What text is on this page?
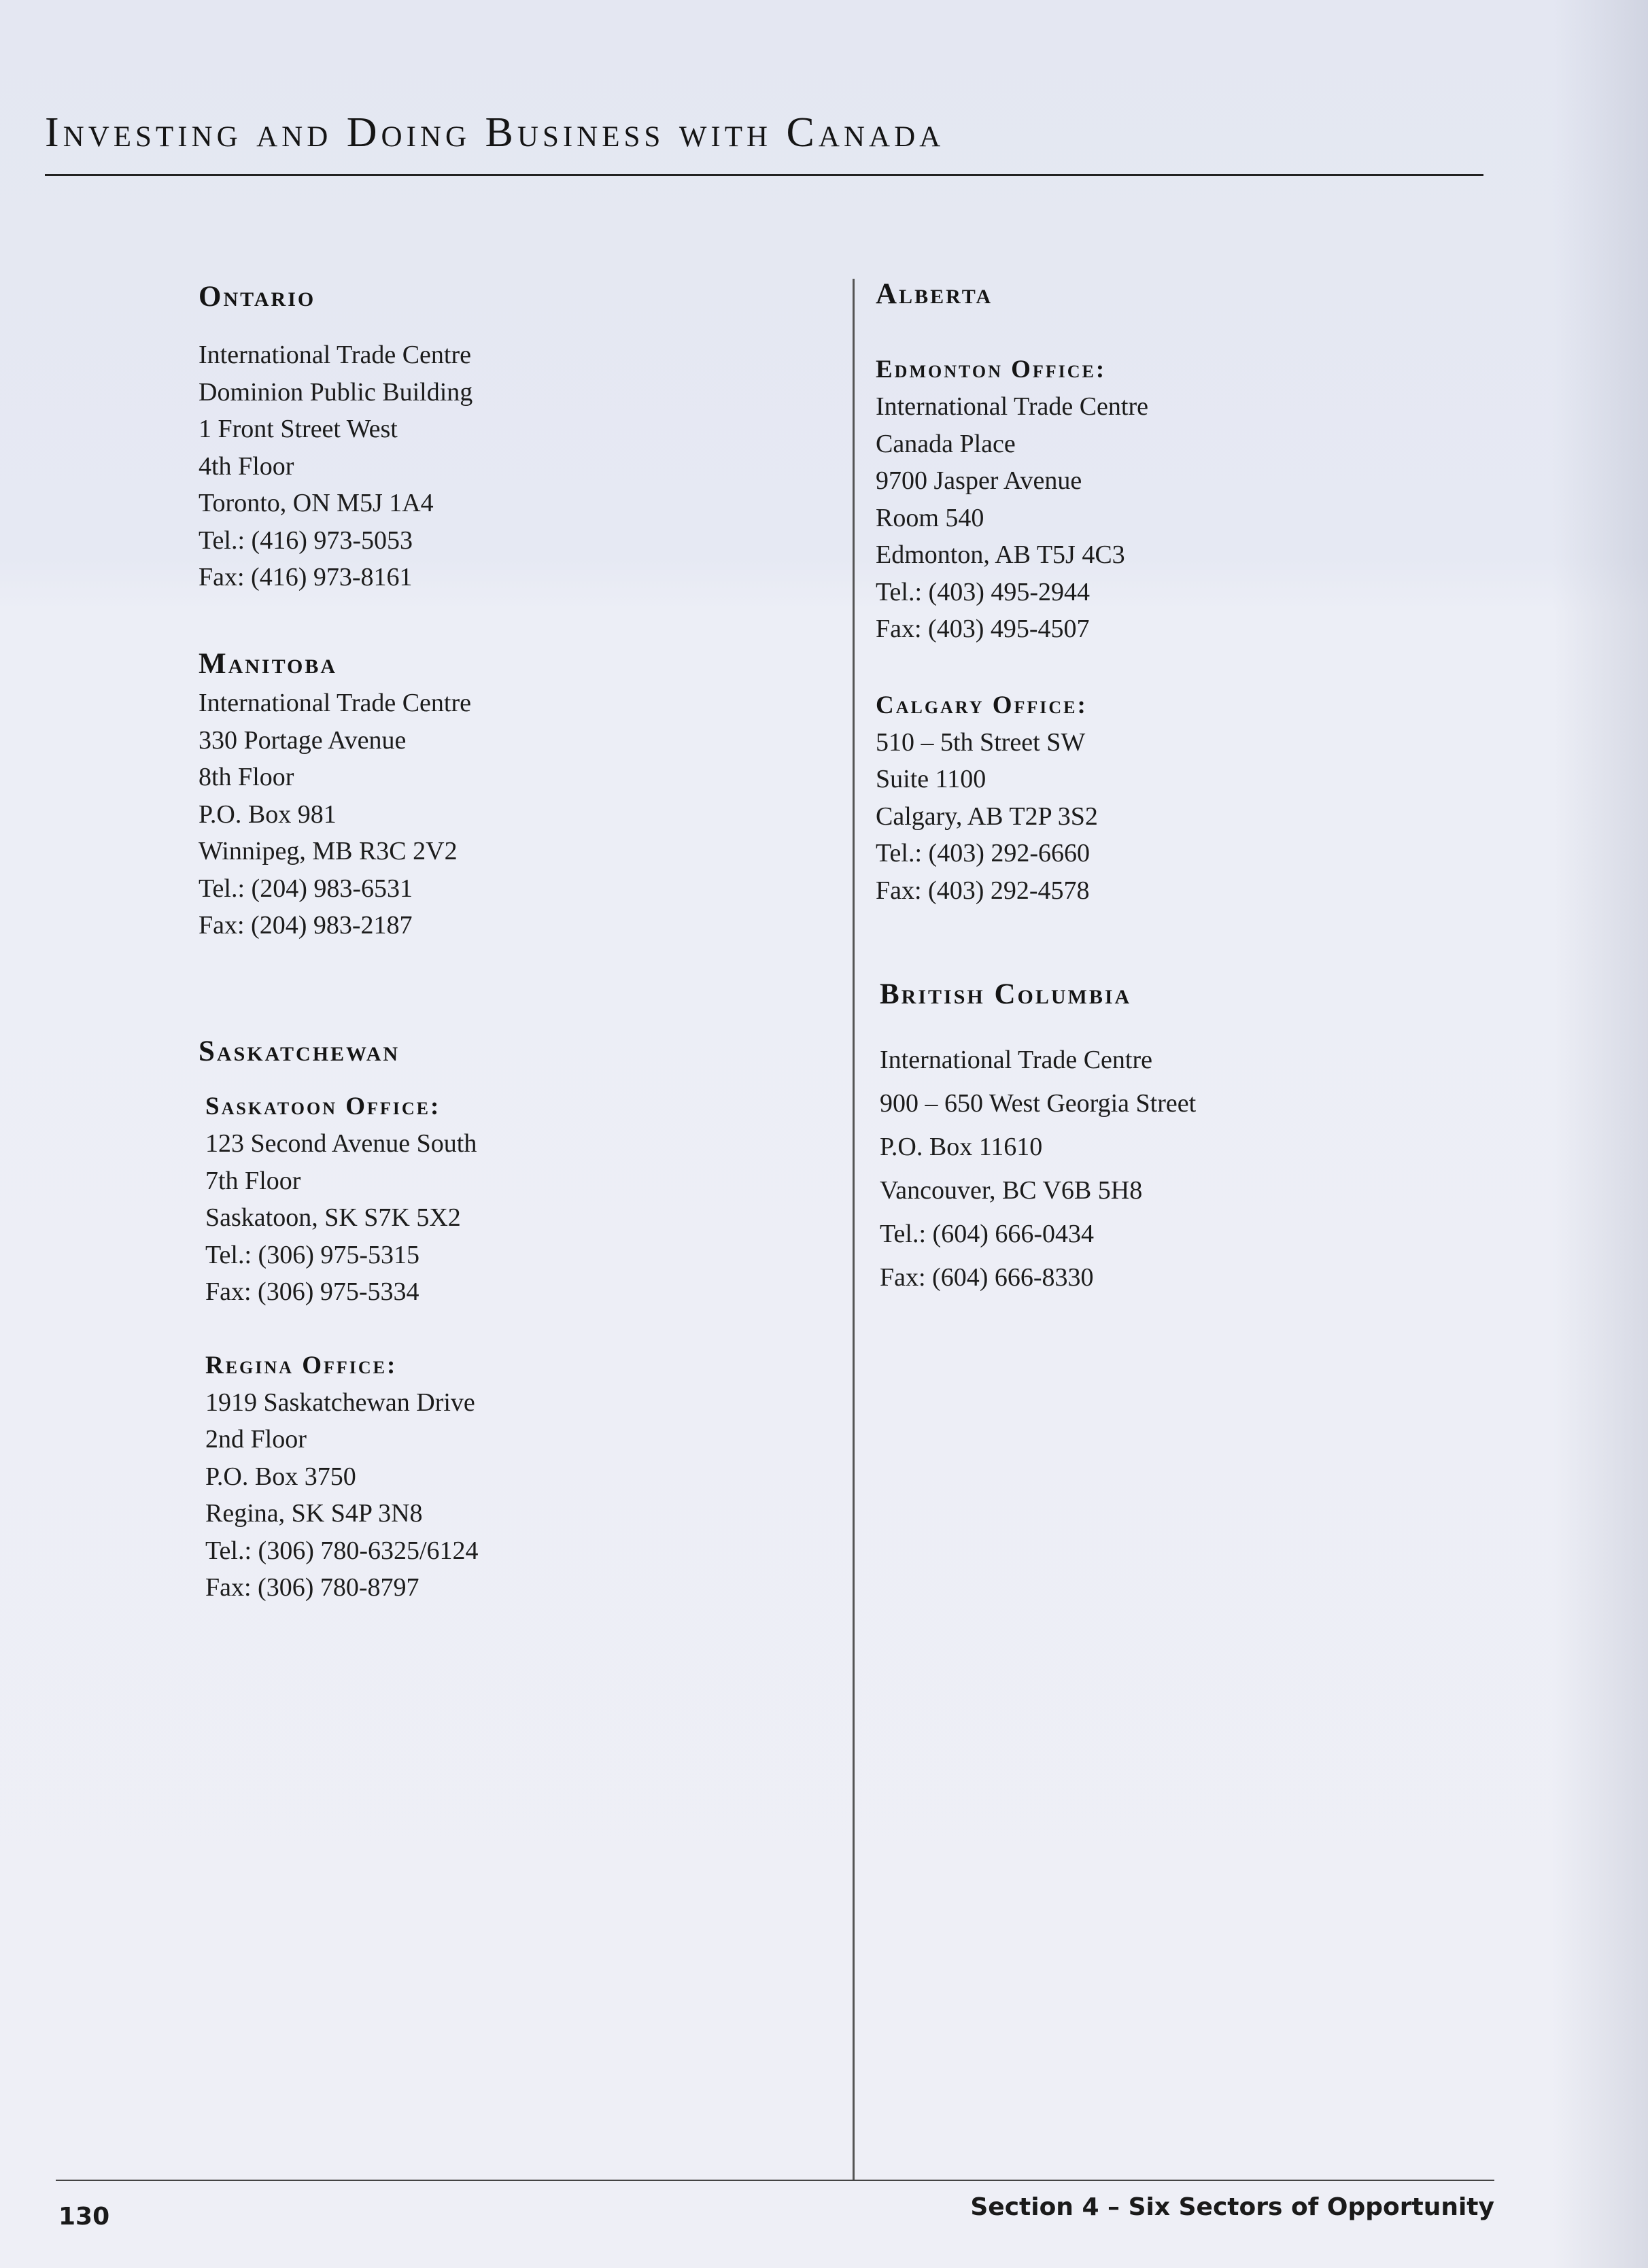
Investing and Doing Business with Canada
Ontario
International Trade Centre
Dominion Public Building
1 Front Street West
4th Floor
Toronto, ON M5J 1A4
Tel.: (416) 973-5053
Fax: (416) 973-8161
Manitoba
International Trade Centre
330 Portage Avenue
8th Floor
P.O. Box 981
Winnipeg, MB R3C 2V2
Tel.: (204) 983-6531
Fax: (204) 983-2187
Saskatchewan
Saskatoon Office:
123 Second Avenue South
7th Floor
Saskatoon, SK S7K 5X2
Tel.: (306) 975-5315
Fax: (306) 975-5334
Regina Office:
1919 Saskatchewan Drive
2nd Floor
P.O. Box 3750
Regina, SK S4P 3N8
Tel.: (306) 780-6325/6124
Fax: (306) 780-8797
Alberta
Edmonton Office:
International Trade Centre
Canada Place
9700 Jasper Avenue
Room 540
Edmonton, AB T5J 4C3
Tel.: (403) 495-2944
Fax: (403) 495-4507
Calgary Office:
510 – 5th Street SW
Suite 1100
Calgary, AB T2P 3S2
Tel.: (403) 292-6660
Fax: (403) 292-4578
British Columbia
International Trade Centre
900 – 650 West Georgia Street
P.O. Box 11610
Vancouver, BC V6B 5H8
Tel.: (604) 666-0434
Fax: (604) 666-8330
130	Section 4 – Six Sectors of Opportunity
